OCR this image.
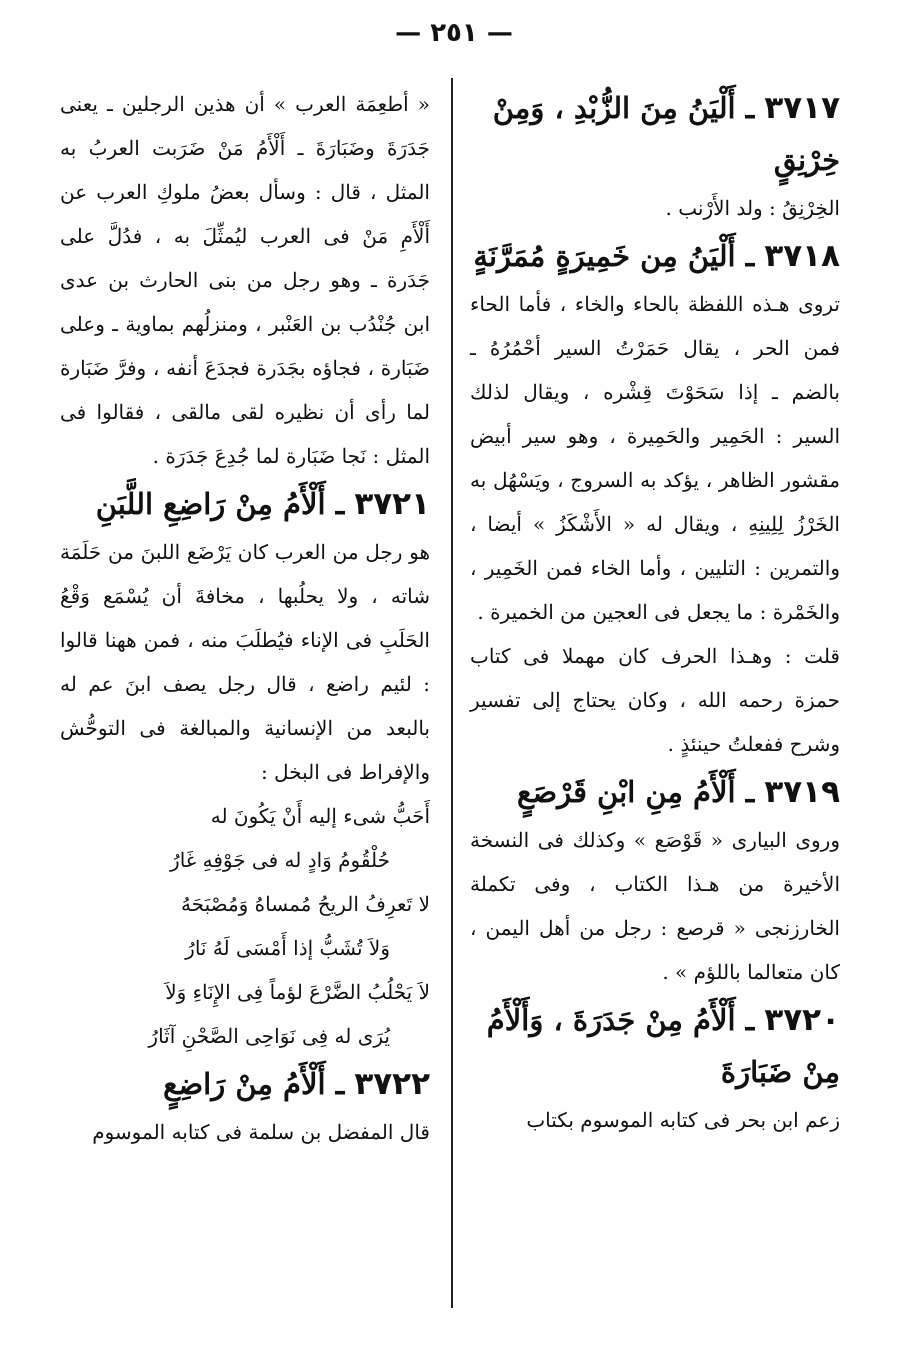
— ٢٥١ —
٣٧١٧ ـ أَلْيَنُ مِنَ الزُّبْدِ ، وَمِنْ خِرْنِقٍ

الخِرْنِقُ : ولد الأَرْنب .

٣٧١٨ ـ أَلْيَنُ مِن خَمِيرَةٍ مُمَرَّنَةٍ

تروى هـذه اللفظة بالحاء والخاء ، فأما الحاء فمن الحر ، يقال حَمَرْتُ السير أحْمُرُهُ ـ بالضم ـ إذا سَحَوْتَ قِشْره ، ويقال لذلك السير : الحَمِير والحَمِيرة ، وهو سير أبيض مقشور الظاهر ، يؤكد به السروج ، ويَسْهُل به الخَرْزُ لِلِينِهِ ، ويقال له « الأَشْكَزُ » أيضا ، والتمرين : التليين ، وأما الخاء فمن الخَمِير ، والخَمْرة : ما يجعل فى العجين من الخميرة .

قلت : وهـذا الحرف كان مهملا فى كتاب حمزة رحمه الله ، وكان يحتاج إلى تفسير وشرح ففعلتُ حينئذٍ .

٣٧١٩ ـ أَلْأَمُ مِنِ ابْنِ قَرْصَعٍ

وروى البيارى « قَوْصَع » وكذلك فى النسخة الأخيرة من هـذا الكتاب ، وفى تكملة الخارزنجى « قرصع : رجل من أهل اليمن ، كان متعالما باللؤم » .

٣٧٢٠ ـ أَلْأَمُ مِنْ جَدَرَةَ ، وَأَلْأَمُ مِنْ ضَبَارَةَ

زعم ابن بحر فى كتابه الموسوم بكتاب

« أطعِمَة العرب » أن هذين الرجلين ـ يعنى جَدَرَةَ وضَبَارَةَ ـ أَلْأَمُ مَنْ ضَرَبت العربُ به المثل ، قال : وسأل بعضُ ملوكِ العرب عن أَلْأَمِ مَنْ فى العرب ليُمثِّلَ به ، فدُلَّ على جَدَرة ـ وهو رجل من بنى الحارث بن عدى ابن جُنْدُب بن العَنْبر ، ومنزلُهم بماوية ـ وعلى ضَبَارة ، فجاؤه بجَدَرة فجدَعَ أنفه ، وفرَّ ضَبَارة لما رأى أن نظيره لقى مالقى ، فقالوا فى المثل : نَجا ضَبَارة لما جُدِعَ جَدَرَة .

٣٧٢١ ـ أَلْأَمُ مِنْ رَاضِعِ اللَّبَنِ

هو رجل من العرب كان يَرْضَع اللبنَ من حَلَمَة شاته ، ولا يحلُبها ، مخافةَ أن يُسْمَع وَقْعُ الحَلَبِ فى الإناء فيُطلَبَ منه ، فمن ههنا قالوا : لئيم راضع ، قال رجل يصف ابنَ عم له بالبعد من الإنسانية والمبالغة فى التوحُّش والإفراط فى البخل :

أَحَبُّ شىء إليه أَنْ يَكُونَ له
حُلْقُومُ وَادٍ له فى جَوْفِهِ غَارُ
لا تَعرِفُ الريحُ مُمساهُ وَمُصْبَحَهُ
وَلاَ تُشَبُّ إذا أَمْسَى لَهُ نَارُ
لاَ يَحْلُبُ الضَّرْعَ لؤماً فِى الإِنَاءِ وَلاَ
يُرَى له فِى نَوَاحِى الصَّحْنِ آثَارُ
٣٧٢٢ ـ أَلْأَمُ مِنْ رَاضِعٍ

قال المفضل بن سلمة فى كتابه الموسوم
